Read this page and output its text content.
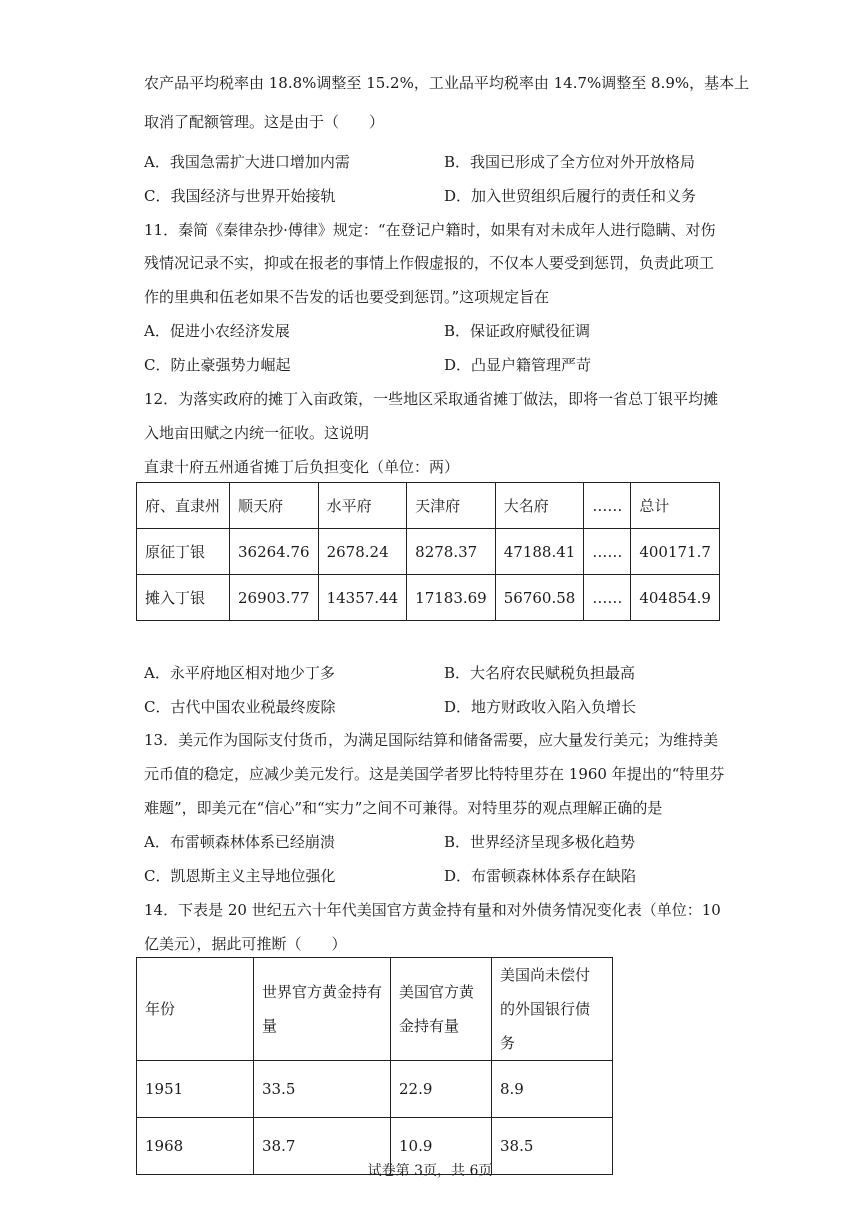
农产品平均税率由 18.8%调整至 15.2%，工业品平均税率由 14.7%调整至 8.9%，基本上
取消了配额管理。这是由于（　　）
A．我国急需扩大进口增加内需	B．我国已形成了全方位对外开放格局
C．我国经济与世界开始接轨	D．加入世贸组织后履行的责任和义务
11．秦简《秦律杂抄·傅律》规定：“在登记户籍时，如果有对未成年人进行隐瞒、对伤
残情况记录不实，抑或在报老的事情上作假虚报的，不仅本人要受到惩罚，负责此项工
作的里典和伍老如果不告发的话也要受到惩罚。”这项规定旨在
A．促进小农经济发展	B．保证政府赋役征调
C．防止豪强势力崛起	D．凸显户籍管理严苛
12．为落实政府的摊丁入亩政策，一些地区采取通省摊丁做法，即将一省总丁银平均摊
入地亩田赋之内统一征收。这说明
直隶十府五州通省摊丁后负担变化（单位：两）
府、直隶州	顺天府	水平府	天津府	大名府	……	总计
原征丁银	36264.76	2678.24	8278.37	47188.41	……	400171.7
摊入丁银	26903.77	14357.44	17183.69	56760.58	……	404854.9
A．永平府地区相对地少丁多	B．大名府农民赋税负担最高
C．古代中国农业税最终废除	D．地方财政收入陷入负增长
13．美元作为国际支付货币，为满足国际结算和储备需要，应大量发行美元；为维持美
元币值的稳定，应减少美元发行。这是美国学者罗比特特里芬在 1960 年提出的“特里芬
难题”，即美元在“信心”和“实力”之间不可兼得。对特里芬的观点理解正确的是
A．布雷顿森林体系已经崩溃	B．世界经济呈现多极化趋势
C．凯恩斯主义主导地位强化	D．布雷顿森林体系存在缺陷
14．下表是 20 世纪五六十年代美国官方黄金持有量和对外债务情况变化表（单位：10
亿美元），据此可推断（　　）
年份	世界官方黄金持有量	美国官方黄金持有量	美国尚未偿付的外国银行债务
1951	33.5	22.9	8.9
1968	38.7	10.9	38.5
试卷第 3页，共 6页
